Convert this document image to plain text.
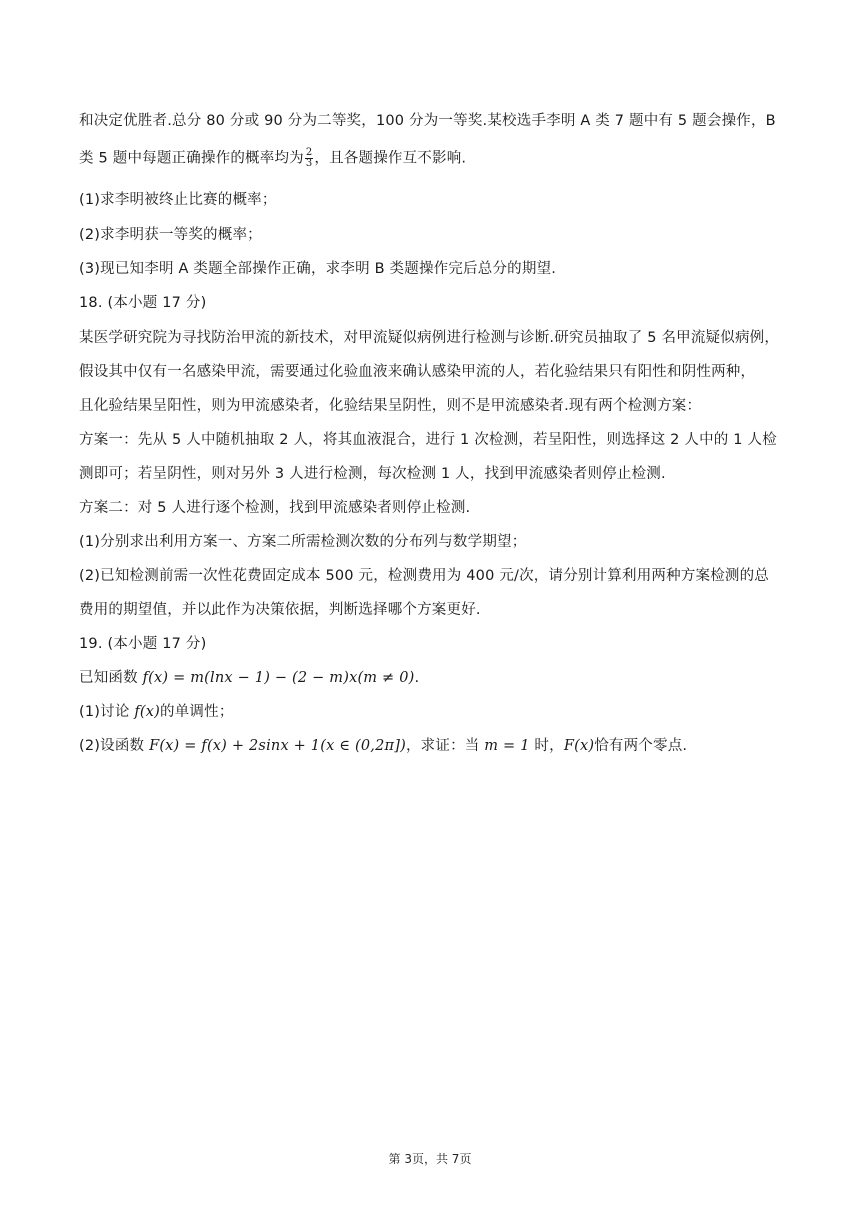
和决定优胜者.总分 80 分或 90 分为二等奖，100 分为一等奖.某校选手李明 A 类 7 题中有 5 题会操作，B
类 5 题中每题正确操作的概率均为 $\frac{2}{3}$ ，且各题操作互不影响.
(1)求李明被终止比赛的概率；
(2)求李明获一等奖的概率；
(3)现已知李明 A 类题全部操作正确，求李明 B 类题操作完后总分的期望.
18. (本小题 17 分)
某医学研究院为寻找防治甲流的新技术，对甲流疑似病例进行检测与诊断.研究员抽取了 5 名甲流疑似病例，
假设其中仅有一名感染甲流，需要通过化验血液来确认感染甲流的人，若化验结果只有阳性和阴性两种，
且化验结果呈阳性，则为甲流感染者，化验结果呈阴性，则不是甲流感染者.现有两个检测方案：
方案一：先从 5 人中随机抽取 2 人，将其血液混合，进行 1 次检测，若呈阳性，则选择这 2 人中的 1 人检
测即可；若呈阴性，则对另外 3 人进行检测，每次检测 1 人，找到甲流感染者则停止检测.
方案二：对 5 人进行逐个检测，找到甲流感染者则停止检测.
(1)分别求出利用方案一、方案二所需检测次数的分布列与数学期望；
(2)已知检测前需一次性花费固定成本 500 元，检测费用为 400 元/次，请分别计算利用两种方案检测的总
费用的期望值，并以此作为决策依据，判断选择哪个方案更好.
19. (本小题 17 分)
已知函数 f(x) = m(lnx − 1) − (2 − m)x(m ≠ 0).
(1)讨论 f(x)的单调性；
(2)设函数 F(x) = f(x) + 2sinx + 1(x ∈ (0,2π])，求证：当 m = 1 时，F(x)恰有两个零点.
第 3页，共 7页
